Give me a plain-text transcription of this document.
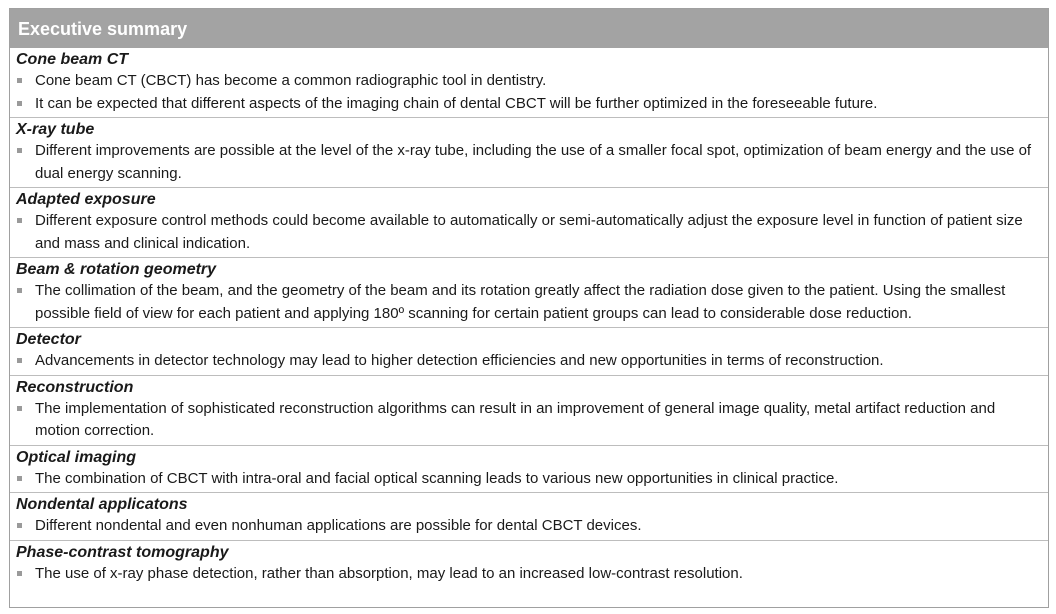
Executive summary
Cone beam CT
Cone beam CT (CBCT) has become a common radiographic tool in dentistry.
It can be expected that different aspects of the imaging chain of dental CBCT will be further optimized in the foreseeable future.
X-ray tube
Different improvements are possible at the level of the x-ray tube, including the use of a smaller focal spot, optimization of beam energy and the use of dual energy scanning.
Adapted exposure
Different exposure control methods could become available to automatically or semi-automatically adjust the exposure level in function of patient size and mass and clinical indication.
Beam & rotation geometry
The collimation of the beam, and the geometry of the beam and its rotation greatly affect the radiation dose given to the patient. Using the smallest possible field of view for each patient and applying 180º scanning for certain patient groups can lead to considerable dose reduction.
Detector
Advancements in detector technology may lead to higher detection efficiencies and new opportunities in terms of reconstruction.
Reconstruction
The implementation of sophisticated reconstruction algorithms can result in an improvement of general image quality, metal artifact reduction and motion correction.
Optical imaging
The combination of CBCT with intra-oral and facial optical scanning leads to various new opportunities in clinical practice.
Nondental applicatons
Different nondental and even nonhuman applications are possible for dental CBCT devices.
Phase-contrast tomography
The use of x-ray phase detection, rather than absorption, may lead to an increased low-contrast resolution.
